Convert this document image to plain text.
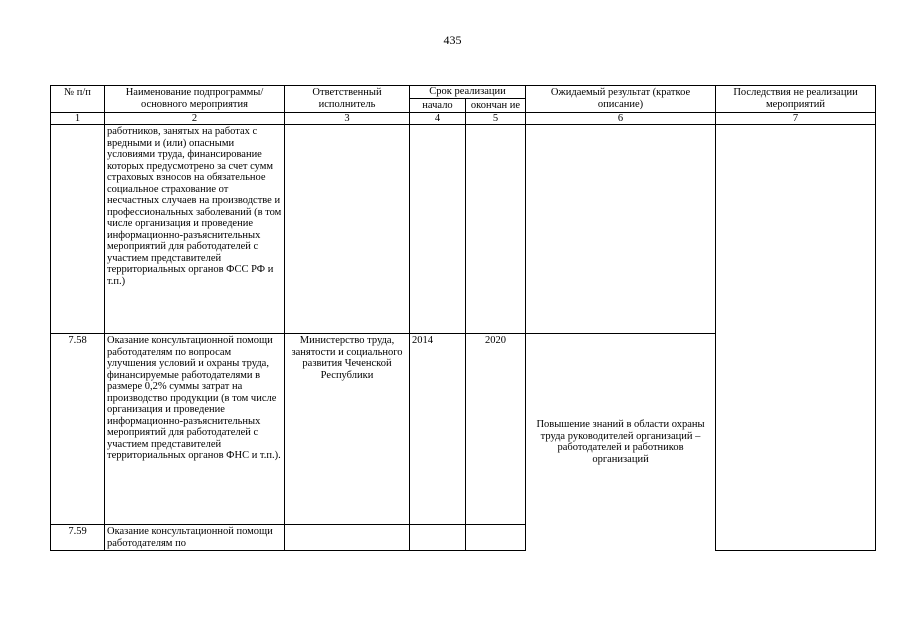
435
№ п/п	Наименование подпрограммы/ основного мероприятия	Ответственный исполнитель	Срок реализации		Ожидаемый результат (краткое описание)	Последствия не реализации мероприятий
			начало	окончан ие		
1	2	3	4	5	6	7
	работников, занятых на работах с вредными и (или) опасными условиями труда, финансирование которых предусмотрено за счет сумм страховых взносов на обязательное социальное страхование от несчастных случаев на производстве и профессиональных заболеваний (в том числе организация и проведение информационно-разъяснительных мероприятий для работодателей с участием представителей территориальных органов ФСС РФ и т.п.)					
7.58	Оказание консультационной помощи работодателям по вопросам улучшения условий и охраны труда, финансируемые работодателями в размере 0,2% суммы затрат на производство продукции (в том числе организация и проведение информационно-разъяснительных мероприятий для работодателей с участием представителей территориальных органов ФНС и т.п.).	Министерство труда, занятости и социального развития Чеченской Республики	2014	2020	Повышение знаний в области охраны труда руководителей организаций – работодателей и работников организаций	
7.59	Оказание консультационной помощи работодателям по					
